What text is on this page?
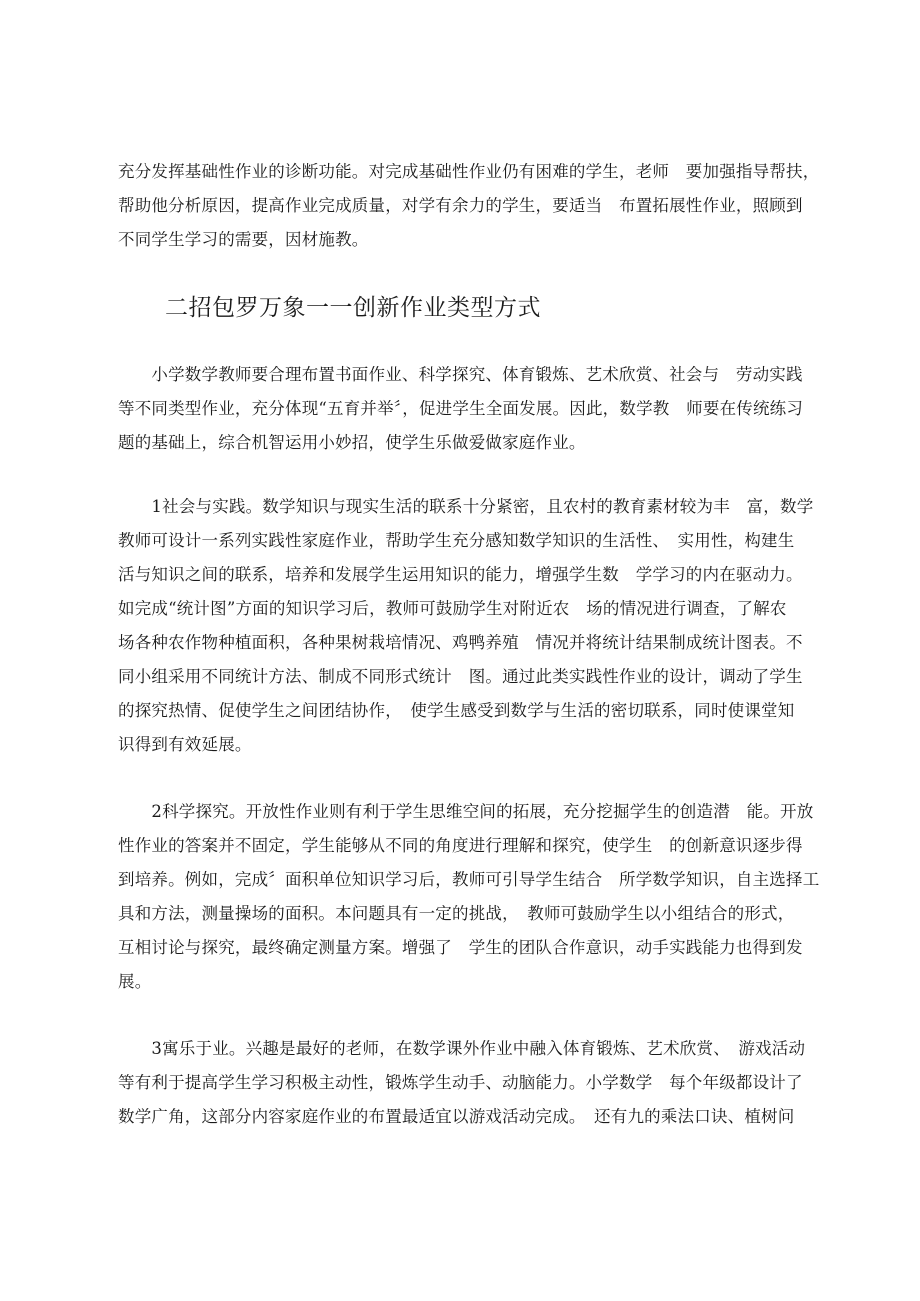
充分发挥基础性作业的诊断功能。对完成基础性作业仍有困难的学生，老师　要加强指导帮扶，
帮助他分析原因，提高作业完成质量，对学有余力的学生，要适当　布置拓展性作业，照顾到
不同学生学习的需要，因材施教。

二招包罗万象一一创新作业类型方式

　　小学数学教师要合理布置书面作业、科学探究、体育锻炼、艺术欣赏、社会与　劳动实践
等不同类型作业，充分体现“五育并举〞，促进学生全面发展。因此，数学教　师要在传统练习
题的基础上，综合机智运用小妙招，使学生乐做爱做家庭作业。

　　1社会与实践。数学知识与现实生活的联系十分紧密，且农村的教育素材较为丰　富，数学
教师可设计一系列实践性家庭作业，帮助学生充分感知数学知识的生活性、　实用性，构建生
活与知识之间的联系，培养和发展学生运用知识的能力，增强学生数　学学习的内在驱动力。
如完成“统计图”方面的知识学习后，教师可鼓励学生对附近农　场的情况进行调查，了解农
场各种农作物种植面积，各种果树栽培情况、鸡鸭养殖　情况并将统计结果制成统计图表。不
同小组采用不同统计方法、制成不同形式统计　图。通过此类实践性作业的设计，调动了学生
的探究热情、促使学生之间团结协作，　使学生感受到数学与生活的密切联系，同时使课堂知
识得到有效延展。

　　2科学探究。开放性作业则有利于学生思维空间的拓展，充分挖掘学生的创造潜　能。开放
性作业的答案并不固定，学生能够从不同的角度进行理解和探究，使学生　的创新意识逐步得
到培养。例如，完成〞面积单位知识学习后，教师可引导学生结合　所学数学知识，自主选择工
具和方法，测量操场的面积。本问题具有一定的挑战，　教师可鼓励学生以小组结合的形式，
互相讨论与探究，最终确定测量方案。增强了　学生的团队合作意识，动手实践能力也得到发
展。

　　3寓乐于业。兴趣是最好的老师，在数学课外作业中融入体育锻炼、艺术欣赏、　游戏活动
等有利于提高学生学习积极主动性，锻炼学生动手、动脑能力。小学数学　每个年级都设计了
数学广角，这部分内容家庭作业的布置最适宜以游戏活动完成。　还有九的乘法口诀、植树问
